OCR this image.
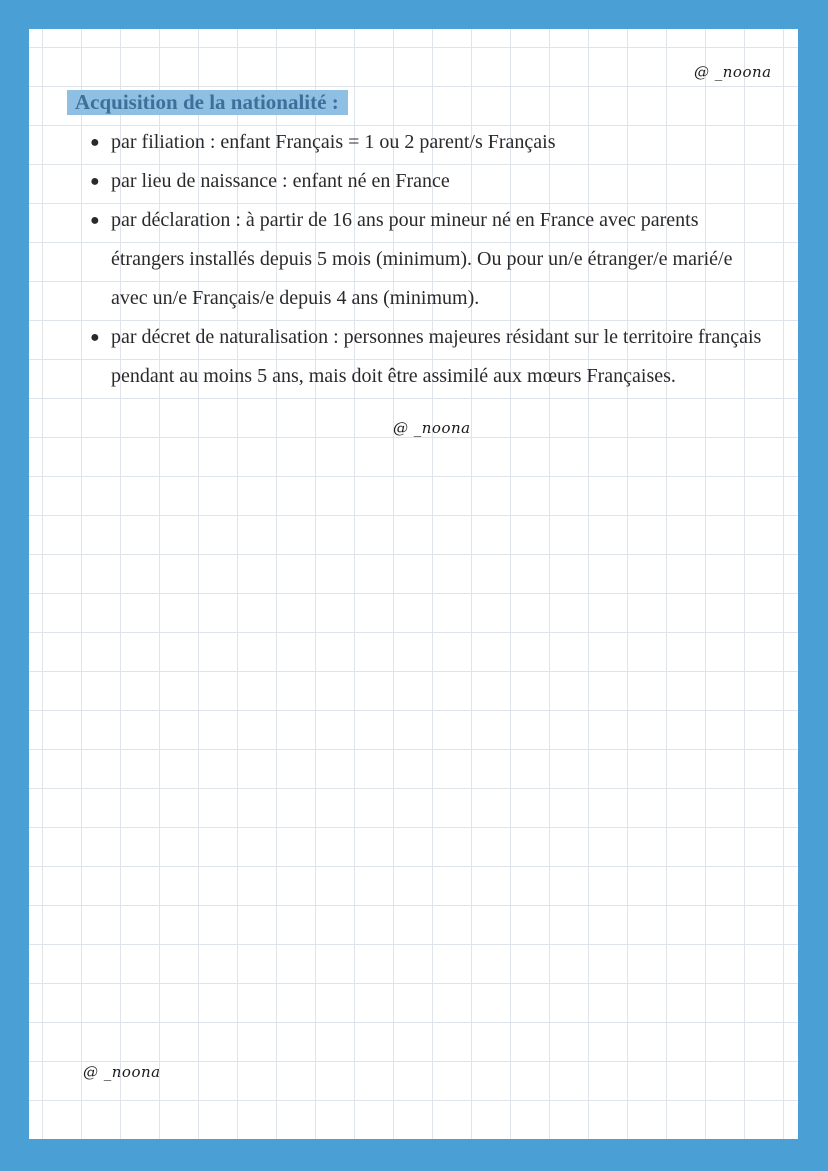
@ _noona
Acquisition de la nationalité :
● par filiation : enfant Français = 1 ou 2 parent/s Français
● par lieu de naissance : enfant né en France
● par déclaration : à partir de 16 ans pour mineur né en France avec parents étrangers installés depuis 5 mois (minimum). Ou pour un/e étranger/e marié/e avec un/e Français/e depuis 4 ans (minimum).
● par décret de naturalisation : personnes majeures résidant sur le territoire français pendant au moins 5 ans, mais doit être assimilé aux mœurs Françaises.
@ _noona
@ _noona
